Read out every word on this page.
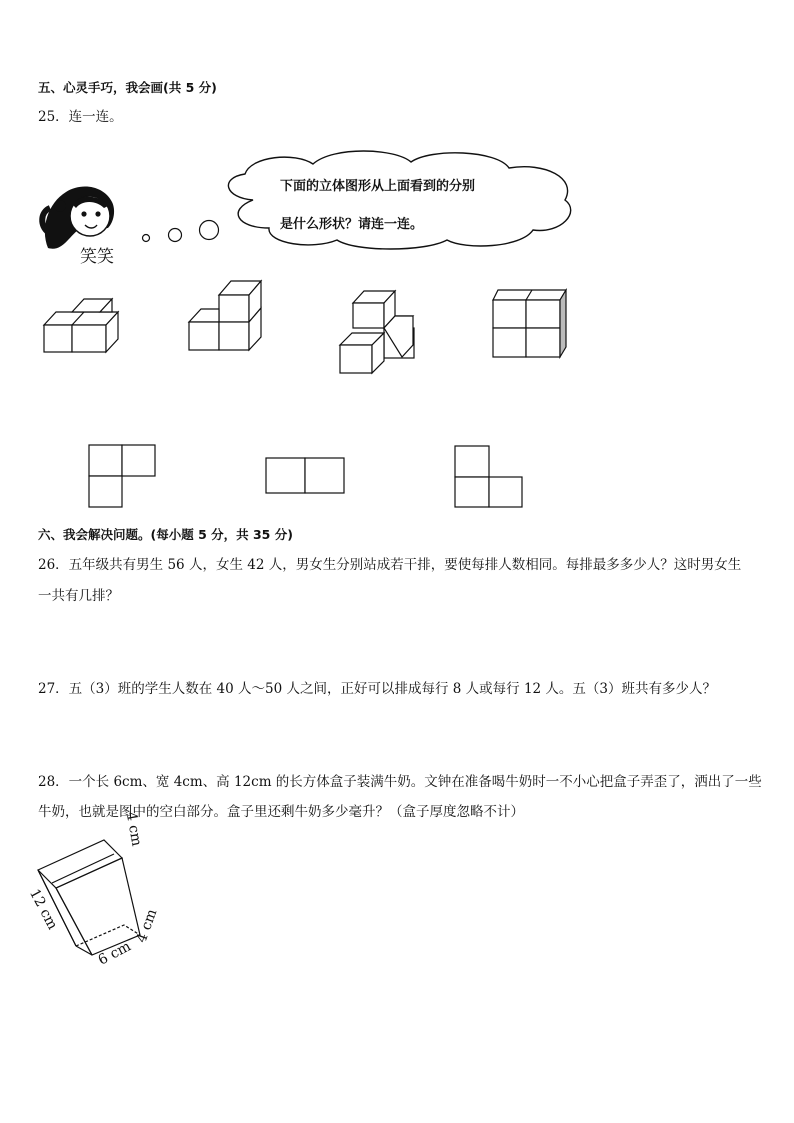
五、心灵手巧，我会画(共 5 分)
25．连一连。
笑笑
下面的立体图形从上面看到的分别
是什么形状？请连一连。
六、我会解决问题。(每小题 5 分，共 35 分)
26．五年级共有男生 56 人，女生 42 人，男女生分别站成若干排，要使每排人数相同。每排最多多少人？这时男女生
一共有几排？
27．五（3）班的学生人数在 40 人～50 人之间，正好可以排成每行 8 人或每行 12 人。五（3）班共有多少人？
28．一个长 6cm、宽 4cm、高 12cm 的长方体盒子装满牛奶。文钟在准备喝牛奶时一不小心把盒子弄歪了，洒出了一些
牛奶，也就是图中的空白部分。盒子里还剩牛奶多少毫升？（盒子厚度忽略不计）
4 cm
12 cm
6 cm
4 cm
